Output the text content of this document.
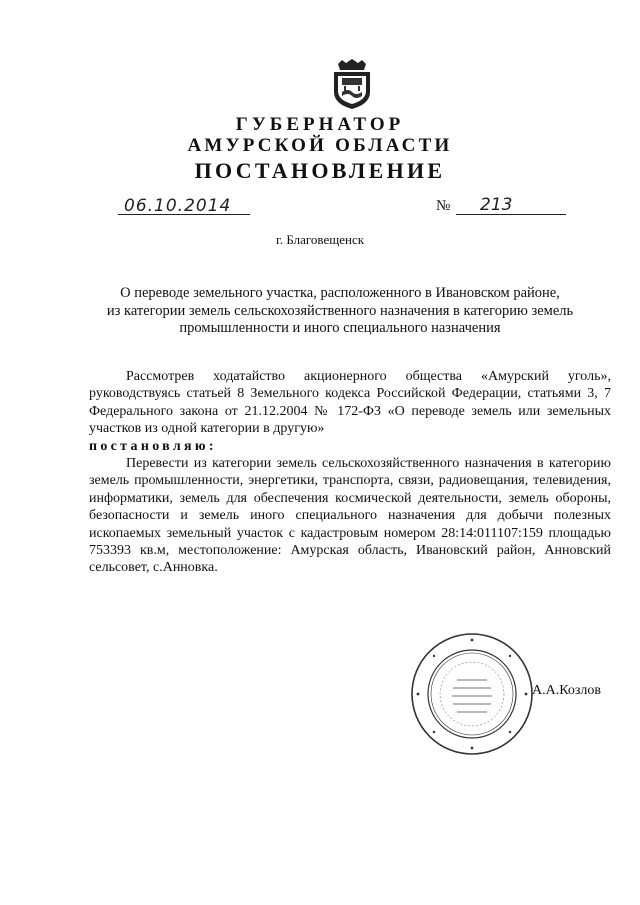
ГУБЕРНАТОР
АМУРСКОЙ ОБЛАСТИ
ПОСТАНОВЛЕНИЕ
06.10.2014	№ 213
г. Благовещенск
О переводе земельного участка, расположенного в Ивановском районе,
из категории земель сельскохозяйственного назначения в категорию земель
промышленности и иного специального назначения

Рассмотрев ходатайство акционерного общества «Амурский уголь», руководствуясь статьей 8 Земельного кодекса Российской Федерации, статьями 3, 7 Федерального закона от 21.12.2004 № 172-ФЗ «О переводе земель или земельных участков из одной категории в другую»

постановляю:

Перевести из категории земель сельскохозяйственного назначения в категорию земель промышленности, энергетики, транспорта, связи, радиовещания, телевидения, информатики, земель для обеспечения космической деятельности, земель обороны, безопасности и земель иного специального назначения для добычи полезных ископаемых земельный участок с кадастровым номером 28:14:011107:159 площадью 753393 кв.м, местоположение: Амурская область, Ивановский район, Анновский сельсовет, с.Анновка.

А.А.Козлов
